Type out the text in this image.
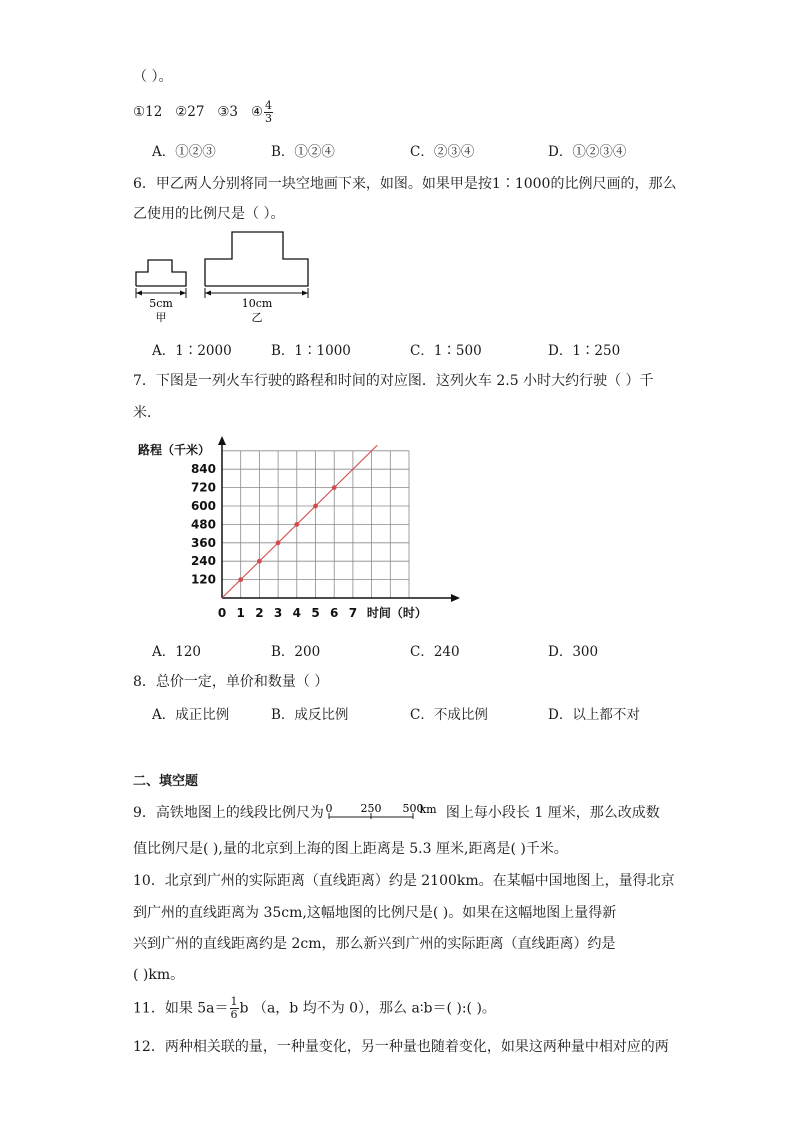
（ ）。
①12 ②27 ③3 ④ $\frac{4}{3}$
A．①②③	B．①②④	C．②③④	D．①②③④
6．甲乙两人分别将同一块空地画下来，如图。如果甲是按1∶1000的比例尺画的，那么
乙使用的比例尺是（ ）。
5cm
甲
10cm
乙
A．1∶2000	B．1∶1000	C．1∶500	D．1∶250
7．下图是一列火车行驶的路程和时间的对应图．这列火车 2.5 小时大约行驶（ ）千
米．
120
240
360
480
600
720
840
0 1 2 3 4 5 6 7
路程（千米）
时间（时）
A．120	B．200	C．240	D．300
8．总价一定，单价和数量（ ）
A．成正比例	B．成反比例	C．不成比例	D．以上都不对
二、填空题
9．高铁地图上的线段比例尺为 0	250 500
km 图上每小段长 1 厘米，那么改成数
值比例尺是( ),量的北京到上海的图上距离是 5.3 厘米,距离是( )千米。
10．北京到广州的实际距离（直线距离）约是 2100km。在某幅中国地图上，量得北京
到广州的直线距离为 35cm,这幅地图的比例尺是( )。如果在这幅地图上量得新
兴到广州的直线距离约是 2cm，那么新兴到广州的实际距离（直线距离）约是
( )km。
11．如果 $5a= \frac{1}{6}$ b （a，b 均不为 0），那么 a∶b＝( ):( )。
12．两种相关联的量，一种量变化，另一种量也随着变化，如果这两种量中相对应的两
